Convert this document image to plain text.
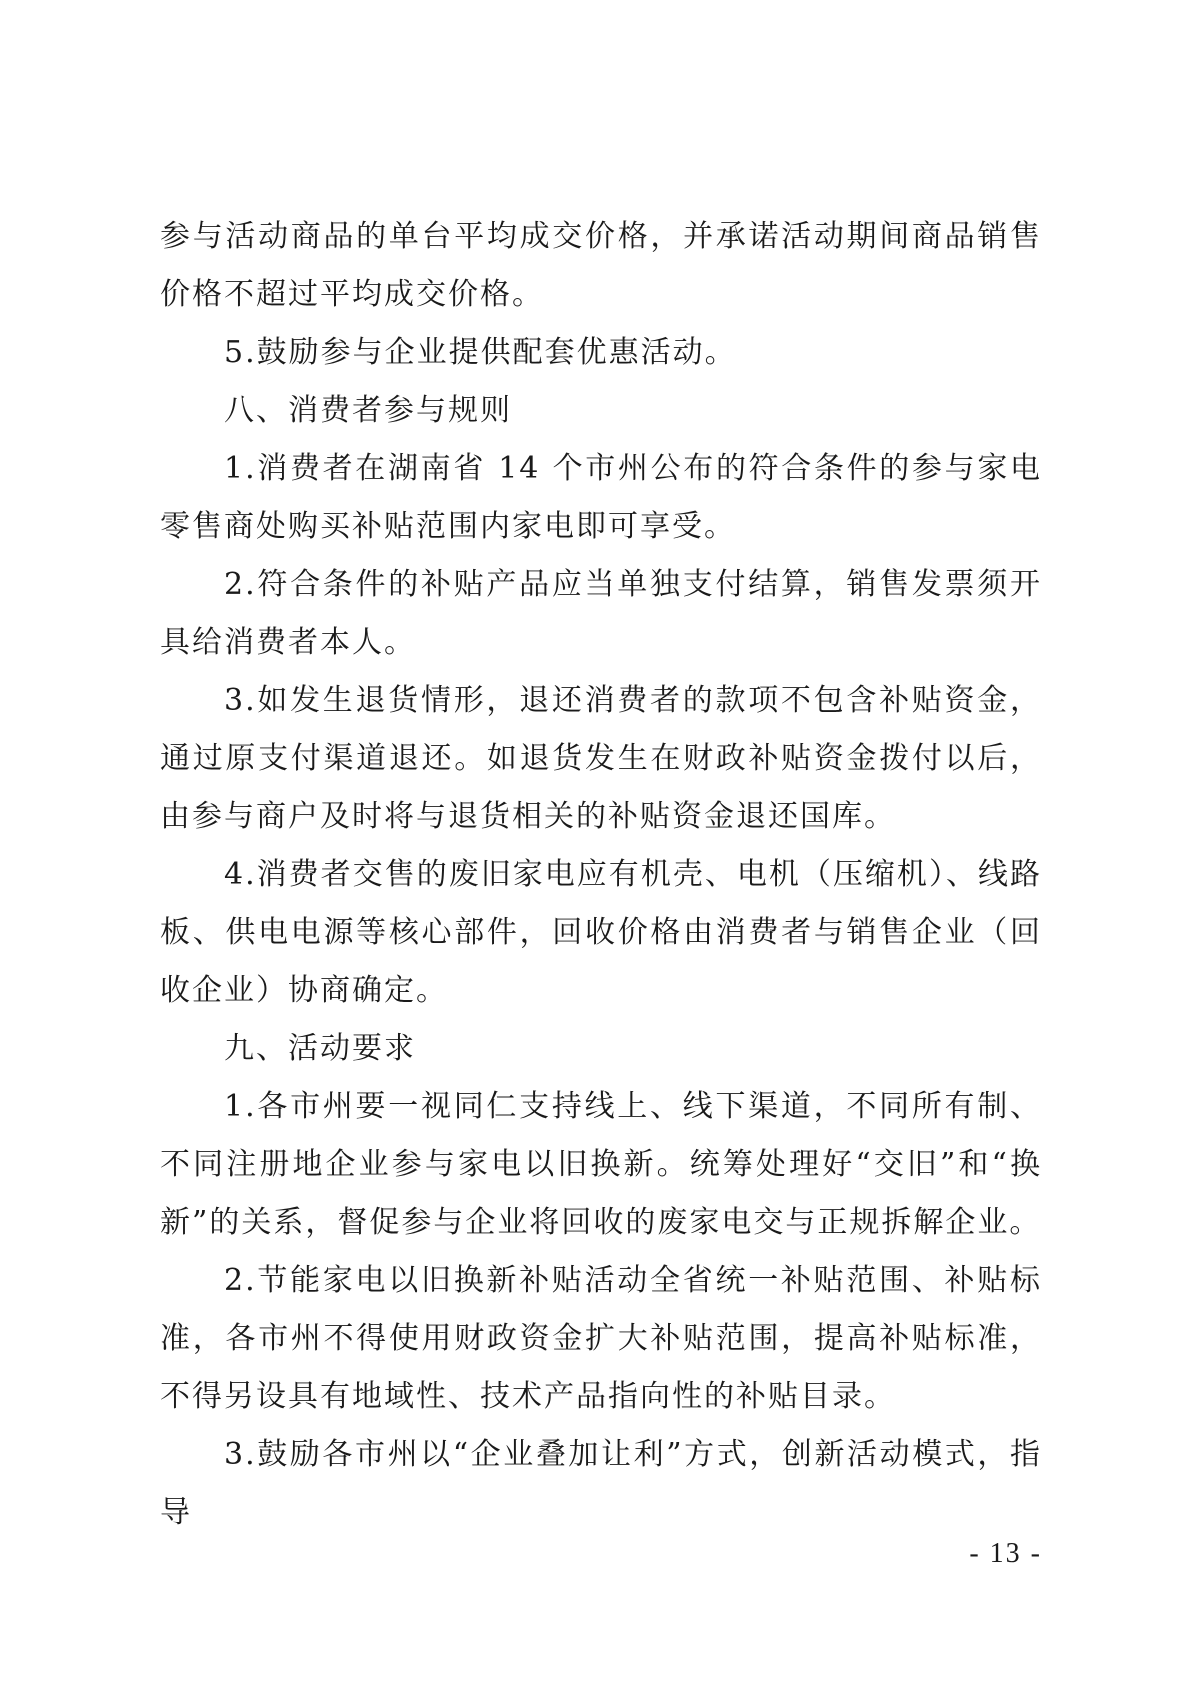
参与活动商品的单台平均成交价格，并承诺活动期间商品销售价格不超过平均成交价格。

5.鼓励参与企业提供配套优惠活动。

八、消费者参与规则

1.消费者在湖南省 14 个市州公布的符合条件的参与家电零售商处购买补贴范围内家电即可享受。

2.符合条件的补贴产品应当单独支付结算，销售发票须开具给消费者本人。

3.如发生退货情形，退还消费者的款项不包含补贴资金，通过原支付渠道退还。如退货发生在财政补贴资金拨付以后，由参与商户及时将与退货相关的补贴资金退还国库。

4.消费者交售的废旧家电应有机壳、电机（压缩机）、线路板、供电电源等核心部件，回收价格由消费者与销售企业（回收企业）协商确定。

九、活动要求

1.各市州要一视同仁支持线上、线下渠道，不同所有制、不同注册地企业参与家电以旧换新。统筹处理好“交旧”和“换新”的关系，督促参与企业将回收的废家电交与正规拆解企业。

2.节能家电以旧换新补贴活动全省统一补贴范围、补贴标准，各市州不得使用财政资金扩大补贴范围，提高补贴标准，不得另设具有地域性、技术产品指向性的补贴目录。

3.鼓励各市州以“企业叠加让利”方式，创新活动模式，指导

- 13 -
